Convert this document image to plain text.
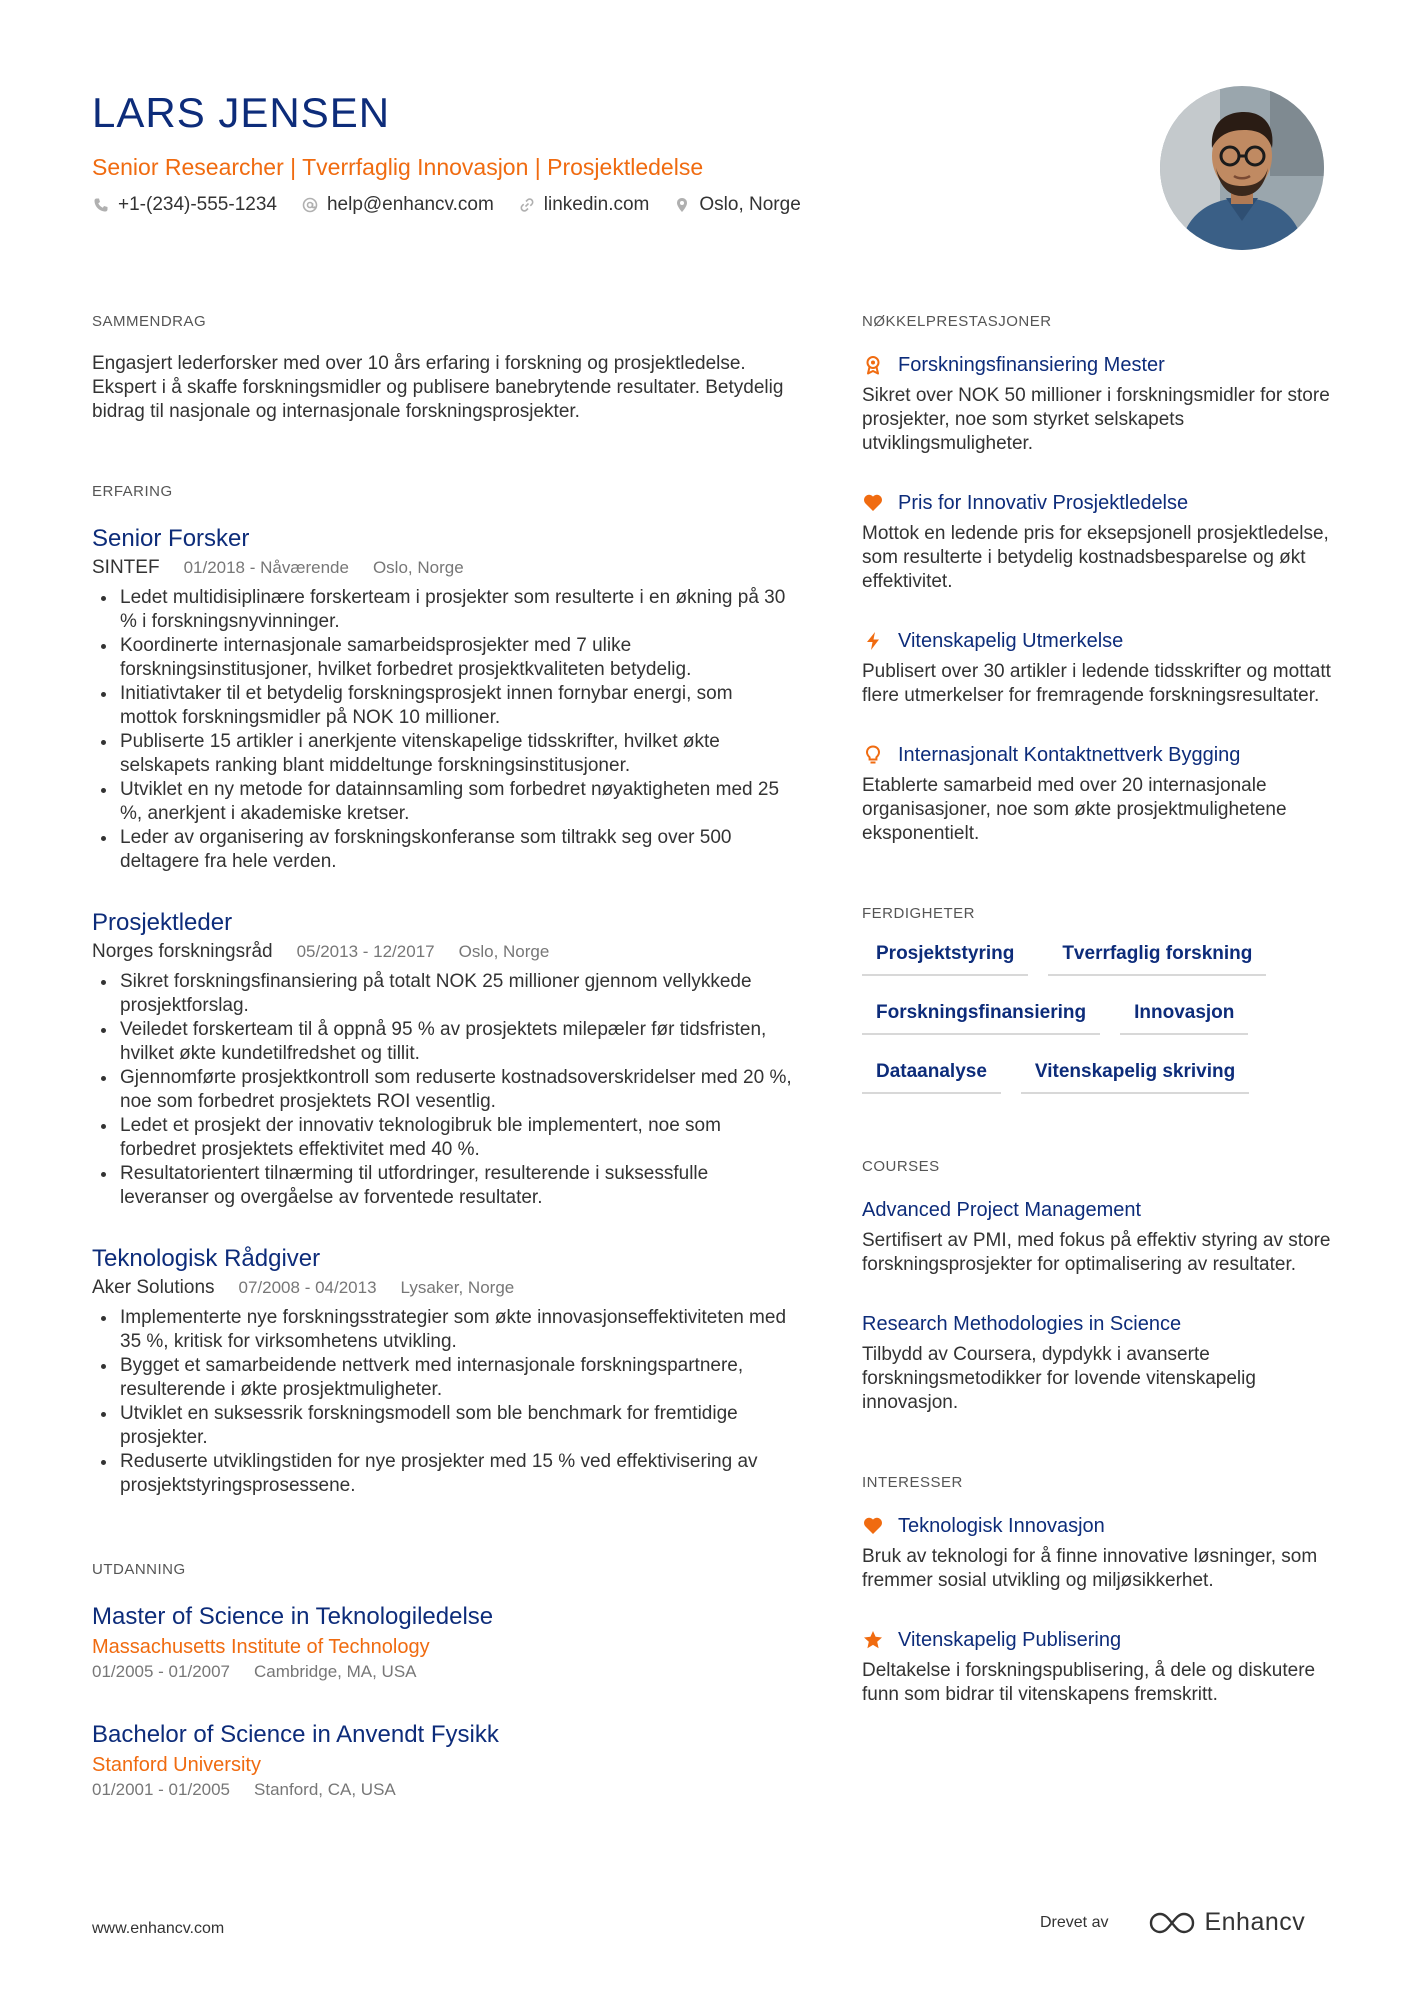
LARS JENSEN
Senior Researcher | Tverrfaglig Innovasjon | Prosjektledelse
+1-(234)-555-1234	help@enhancv.com	linkedin.com	Oslo, Norge
SAMMENDRAG
Engasjert lederforsker med over 10 års erfaring i forskning og prosjektledelse. Ekspert i å skaffe forskningsmidler og publisere banebrytende resultater. Betydelig bidrag til nasjonale og internasjonale forskningsprosjekter.
ERFARING
Senior Forsker
SINTEF 01/2018 - Nåværende Oslo, Norge
Ledet multidisiplinære forskerteam i prosjekter som resulterte i en økning på 30 % i forskningsnyvinninger.
Koordinerte internasjonale samarbeidsprosjekter med 7 ulike forskningsinstitusjoner, hvilket forbedret prosjektkvaliteten betydelig.
Initiativtaker til et betydelig forskningsprosjekt innen fornybar energi, som mottok forskningsmidler på NOK 10 millioner.
Publiserte 15 artikler i anerkjente vitenskapelige tidsskrifter, hvilket økte selskapets ranking blant middeltunge forskningsinstitusjoner.
Utviklet en ny metode for datainnsamling som forbedret nøyaktigheten med 25 %, anerkjent i akademiske kretser.
Leder av organisering av forskningskonferanse som tiltrakk seg over 500 deltagere fra hele verden.
Prosjektleder
Norges forskningsråd 05/2013 - 12/2017 Oslo, Norge
Sikret forskningsfinansiering på totalt NOK 25 millioner gjennom vellykkede prosjektforslag.
Veiledet forskerteam til å oppnå 95 % av prosjektets milepæler før tidsfristen, hvilket økte kundetilfredshet og tillit.
Gjennomførte prosjektkontroll som reduserte kostnadsoverskridelser med 20 %, noe som forbedret prosjektets ROI vesentlig.
Ledet et prosjekt der innovativ teknologibruk ble implementert, noe som forbedret prosjektets effektivitet med 40 %.
Resultatorientert tilnærming til utfordringer, resulterende i suksessfulle leveranser og overgåelse av forventede resultater.
Teknologisk Rådgiver
Aker Solutions 07/2008 - 04/2013 Lysaker, Norge
Implementerte nye forskningsstrategier som økte innovasjonseffektiviteten med 35 %, kritisk for virksomhetens utvikling.
Bygget et samarbeidende nettverk med internasjonale forskningspartnere, resulterende i økte prosjektmuligheter.
Utviklet en suksessrik forskningsmodell som ble benchmark for fremtidige prosjekter.
Reduserte utviklingstiden for nye prosjekter med 15 % ved effektivisering av prosjektstyringsprosessene.
UTDANNING
Master of Science in Teknologiledelse
Massachusetts Institute of Technology
01/2005 - 01/2007 Cambridge, MA, USA
Bachelor of Science in Anvendt Fysikk
Stanford University
01/2001 - 01/2005 Stanford, CA, USA
NØKKELPRESTASJONER
Forskningsfinansiering Mester
Sikret over NOK 50 millioner i forskningsmidler for store prosjekter, noe som styrket selskapets utviklingsmuligheter.
Pris for Innovativ Prosjektledelse
Mottok en ledende pris for eksepsjonell prosjektledelse, som resulterte i betydelig kostnadsbesparelse og økt effektivitet.
Vitenskapelig Utmerkelse
Publisert over 30 artikler i ledende tidsskrifter og mottatt flere utmerkelser for fremragende forskningsresultater.
Internasjonalt Kontaktnettverk Bygging
Etablerte samarbeid med over 20 internasjonale organisasjoner, noe som økte prosjektmulighetene eksponentielt.
FERDIGHETER
Prosjektstyring	Tverrfaglig forskning
Forskningsfinansiering	Innovasjon
Dataanalyse	Vitenskapelig skriving
COURSES
Advanced Project Management
Sertifisert av PMI, med fokus på effektiv styring av store forskningsprosjekter for optimalisering av resultater.
Research Methodologies in Science
Tilbydd av Coursera, dypdykk i avanserte forskningsmetodikker for lovende vitenskapelig innovasjon.
INTERESSER
Teknologisk Innovasjon
Bruk av teknologi for å finne innovative løsninger, som fremmer sosial utvikling og miljøsikkerhet.
Vitenskapelig Publisering
Deltakelse i forskningspublisering, å dele og diskutere funn som bidrar til vitenskapens fremskritt.
www.enhancv.com	Drevet av	Enhancv
